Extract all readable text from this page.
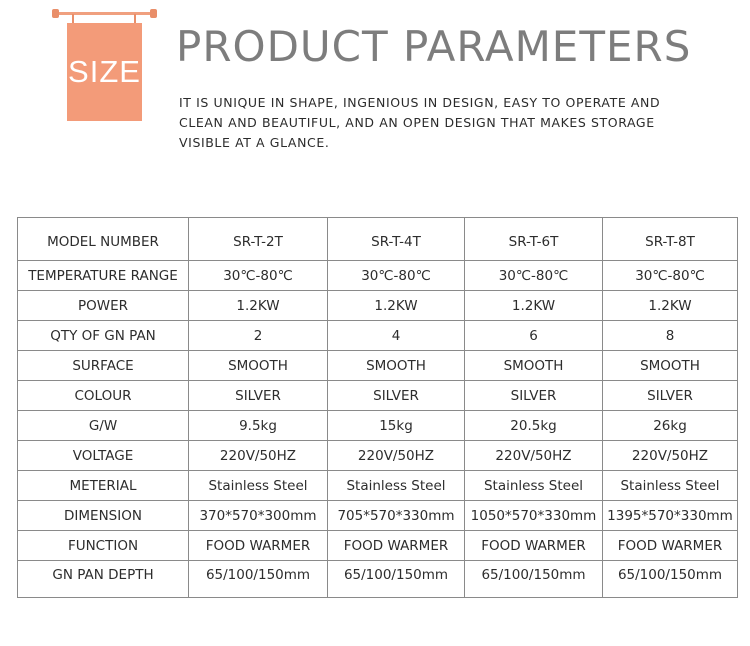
SIZE
PRODUCT PARAMETERS
IT IS UNIQUE IN SHAPE, INGENIOUS IN DESIGN, EASY TO OPERATE AND
CLEAN AND BEAUTIFUL, AND AN OPEN DESIGN THAT MAKES STORAGE
VISIBLE AT A GLANCE.
MODEL NUMBER	SR-T-2T	SR-T-4T	SR-T-6T	SR-T-8T
TEMPERATURE RANGE	30℃-80℃	30℃-80℃	30℃-80℃	30℃-80℃
POWER	1.2KW	1.2KW	1.2KW	1.2KW
QTY OF GN PAN	2	4	6	8
SURFACE	SMOOTH	SMOOTH	SMOOTH	SMOOTH
COLOUR	SILVER	SILVER	SILVER	SILVER
G/W	9.5kg	15kg	20.5kg	26kg
VOLTAGE	220V/50HZ	220V/50HZ	220V/50HZ	220V/50HZ
METERIAL	Stainless Steel	Stainless Steel	Stainless Steel	Stainless Steel
DIMENSION	370*570*300mm	705*570*330mm	1050*570*330mm	1395*570*330mm
FUNCTION	FOOD WARMER	FOOD WARMER	FOOD WARMER	FOOD WARMER
GN PAN DEPTH	65/100/150mm	65/100/150mm	65/100/150mm	65/100/150mm
